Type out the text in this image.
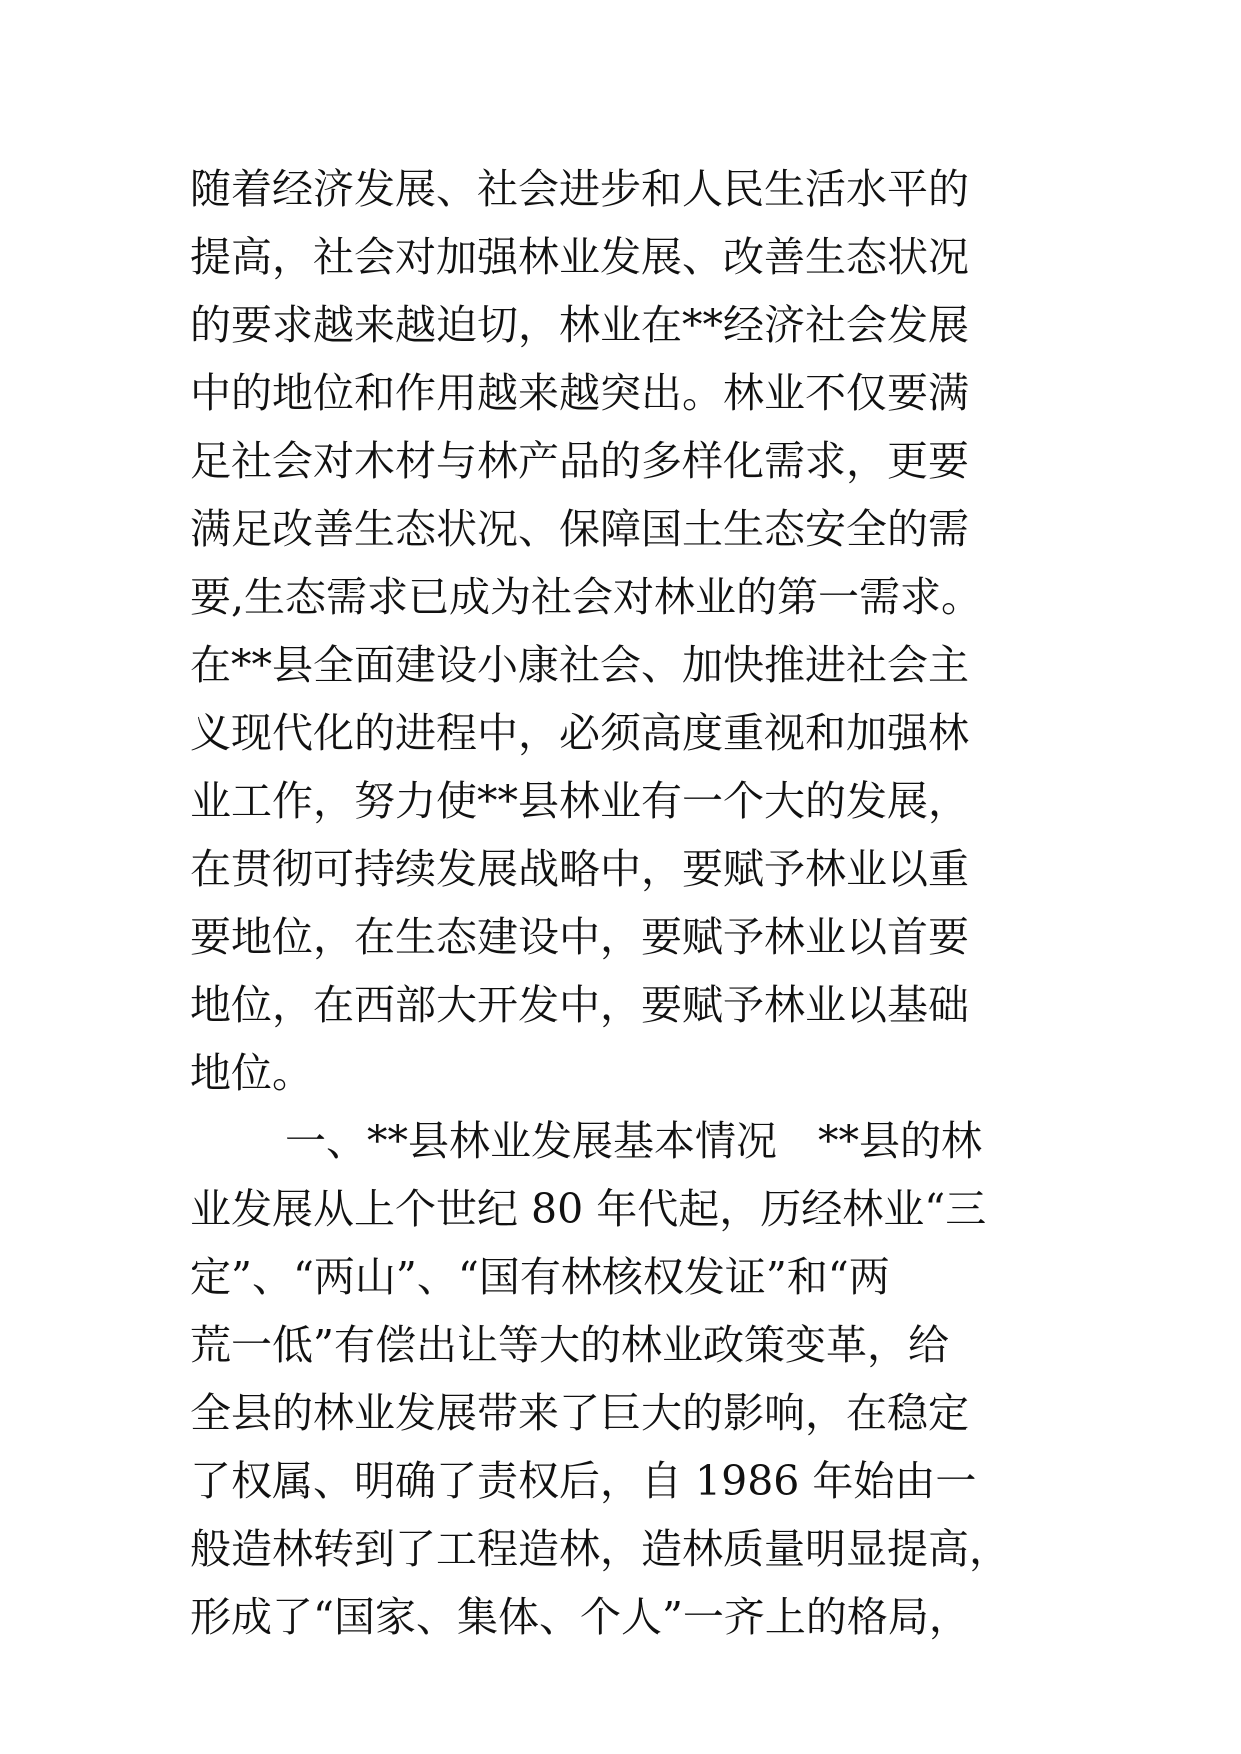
随着经济发展、社会进步和人民生活水平的
提高，社会对加强林业发展、改善生态状况
的要求越来越迫切，林业在**经济社会发展
中的地位和作用越来越突出。林业不仅要满
足社会对木材与林产品的多样化需求，更要
满足改善生态状况、保障国土生态安全的需
要,生态需求已成为社会对林业的第一需求。
在**县全面建设小康社会、加快推进社会主
义现代化的进程中，必须高度重视和加强林
业工作，努力使**县林业有一个大的发展，
在贯彻可持续发展战略中，要赋予林业以重
要地位，在生态建设中，要赋予林业以首要
地位，在西部大开发中，要赋予林业以基础
地位。
一、**县林业发展基本情况　**县的林
业发展从上个世纪 80 年代起，历经林业“三
定”、“两山”、“国有林核权发证”和“两
荒一低”有偿出让等大的林业政策变革，给
全县的林业发展带来了巨大的影响，在稳定
了权属、明确了责权后，自 1986 年始由一
般造林转到了工程造林，造林质量明显提高，
形成了“国家、集体、个人”一齐上的格局，
